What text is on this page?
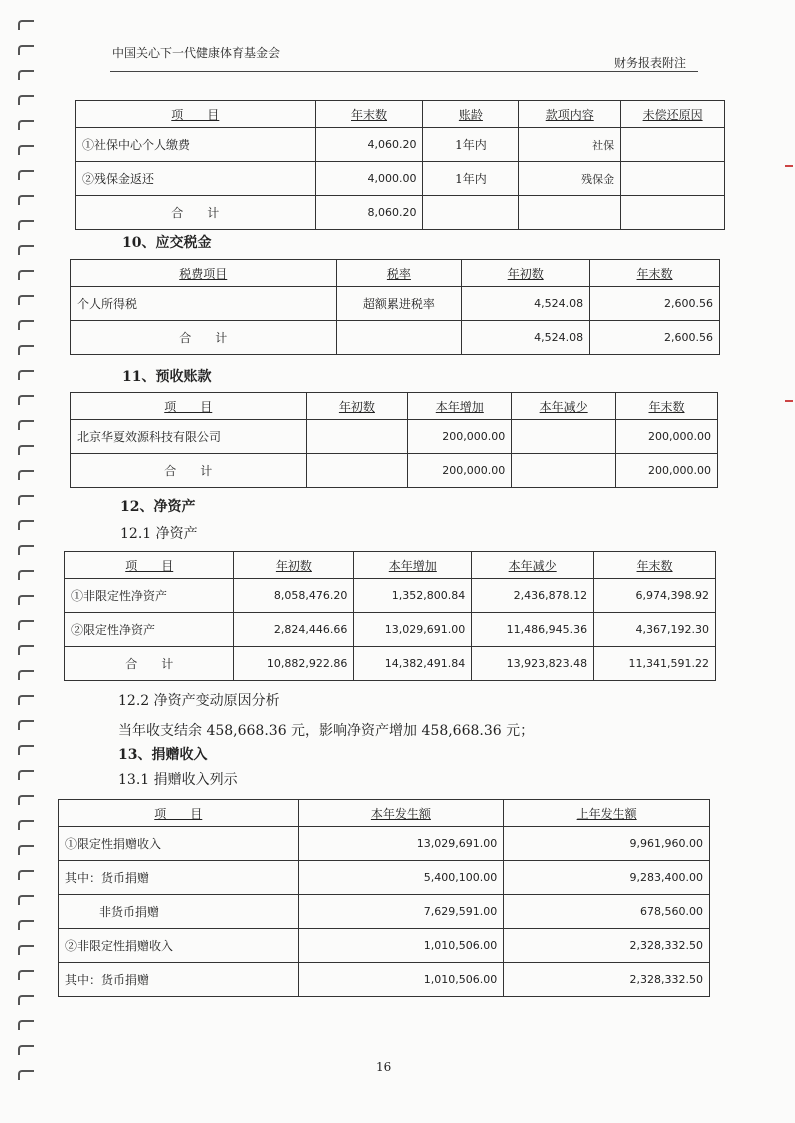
中国关心下一代健康体育基金会
财务报表附注
项　　目	年末数	账龄	款项内容	未偿还原因
①社保中心个人缴费	4,060.20	1年内	社保	
②残保金返还	4,000.00	1年内	残保金	
合　　计	8,060.20			
10、应交税金
税费项目	税率	年初数	年末数
个人所得税	超额累进税率	4,524.08	2,600.56
合　　计		4,524.08	2,600.56
11、预收账款
项　　目	年初数	本年增加	本年减少	年末数
北京华夏效源科技有限公司		200,000.00		200,000.00
合　　计		200,000.00		200,000.00
12、净资产
12.1 净资产
项　　目	年初数	本年增加	本年减少	年末数
①非限定性净资产	8,058,476.20	1,352,800.84	2,436,878.12	6,974,398.92
②限定性净资产	2,824,446.66	13,029,691.00	11,486,945.36	4,367,192.30
合　　计	10,882,922.86	14,382,491.84	13,923,823.48	11,341,591.22
12.2 净资产变动原因分析
当年收支结余 458,668.36 元，影响净资产增加 458,668.36 元；
13、捐赠收入
13.1 捐赠收入列示
项　　目	本年发生额	上年发生额
①限定性捐赠收入	13,029,691.00	9,961,960.00
其中：货币捐赠	5,400,100.00	9,283,400.00
非货币捐赠	7,629,591.00	678,560.00
②非限定性捐赠收入	1,010,506.00	2,328,332.50
其中：货币捐赠	1,010,506.00	2,328,332.50
16
